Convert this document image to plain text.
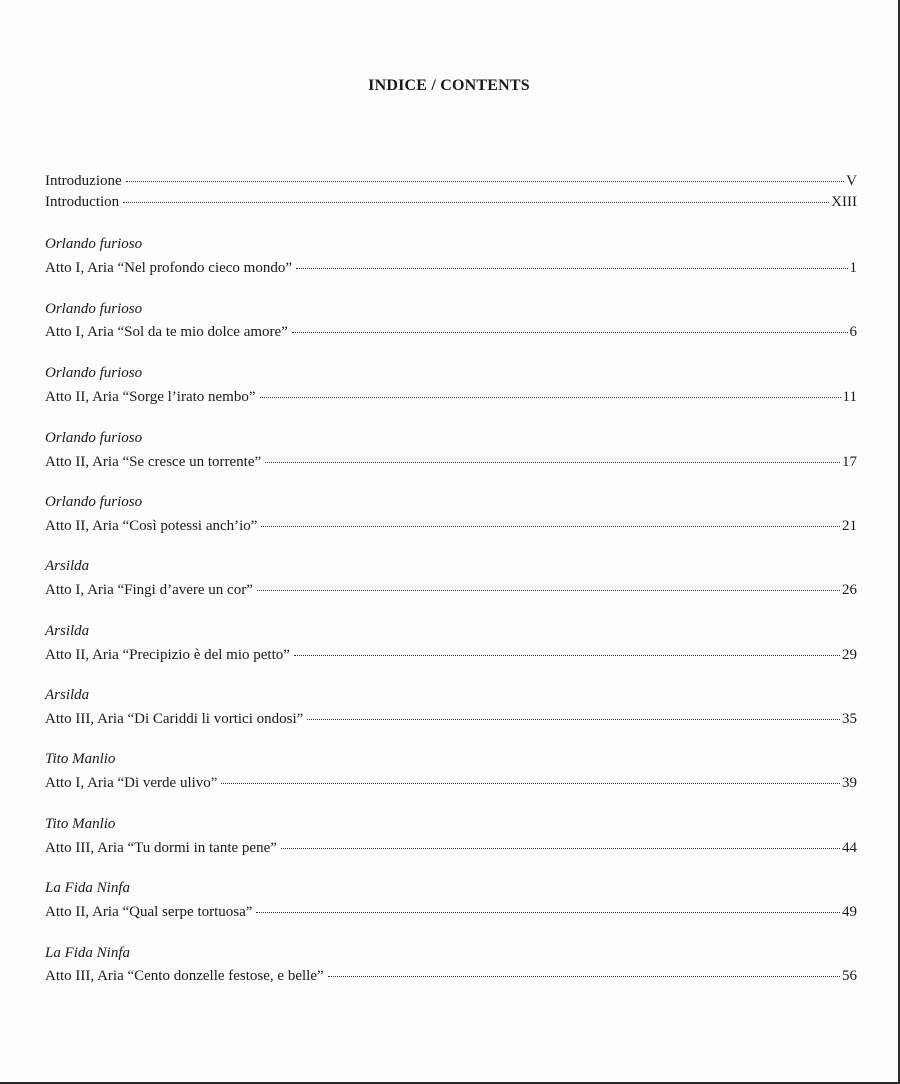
INDICE / CONTENTS
Introduzione	V
Introduction	XIII
Orlando furioso
Atto I, Aria “Nel profondo cieco mondo”	1
Orlando furioso
Atto I, Aria “Sol da te mio dolce amore”	6
Orlando furioso
Atto II, Aria “Sorge l’irato nembo”	11
Orlando furioso
Atto II, Aria “Se cresce un torrente”	17
Orlando furioso
Atto II, Aria “Così potessi anch’io”	21
Arsilda
Atto I, Aria “Fingi d’avere un cor”	26
Arsilda
Atto II, Aria “Precipizio è del mio petto”	29
Arsilda
Atto III, Aria “Di Cariddi li vortici ondosi”	35
Tito Manlio
Atto I, Aria “Di verde ulivo”	39
Tito Manlio
Atto III, Aria “Tu dormi in tante pene”	44
La Fida Ninfa
Atto II, Aria “Qual serpe tortuosa”	49
La Fida Ninfa
Atto III, Aria “Cento donzelle festose, e belle”	56
